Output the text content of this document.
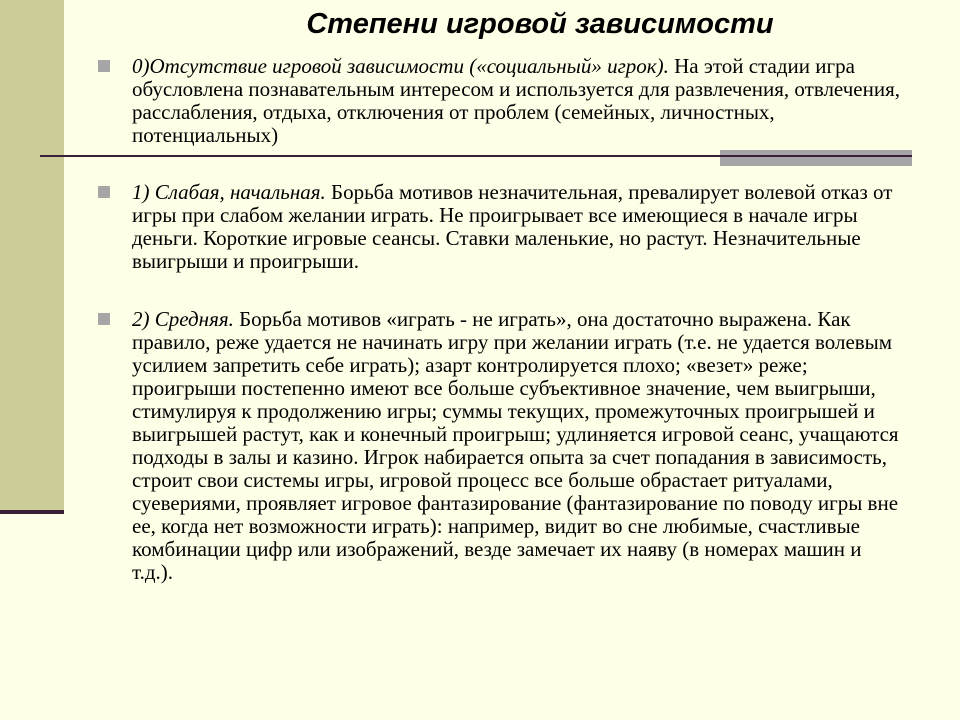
Степени игровой зависимости
0)Отсутствие игровой зависимости («социальный» игрок). На этой стадии игра обусловлена познавательным интересом и используется для развлечения, отвлечения, расслабления, отдыха, отключения от проблем (семейных, личностных, потенциальных)
1) Слабая, начальная. Борьба мотивов незначительная, превалирует волевой отказ от игры при слабом желании играть. Не проигрывает все имеющиеся в начале игры деньги. Короткие игровые сеансы. Ставки маленькие, но растут. Незначительные выигрыши и проигрыши.
2) Средняя. Борьба мотивов «играть - не играть», она достаточно выражена. Как правило, реже удается не начинать игру при желании играть (т.е. не удается волевым усилием запретить себе играть); азарт контролируется плохо; «везет» реже; проигрыши постепенно имеют все больше субъективное значение, чем выигрыши, стимулируя к продолжению игры; суммы текущих, промежуточных проигрышей и выигрышей растут, как и конечный проигрыш; удлиняется игровой сеанс, учащаются подходы в залы и казино. Игрок набирается опыта за счет попадания в зависимость, строит свои системы игры, игровой процесс все больше обрастает ритуалами, суевериями, проявляет игровое фантазирование (фантазирование по поводу игры вне ее, когда нет возможности играть): например, видит во сне любимые, счастливые комбинации цифр или изображений, везде замечает их наяву (в номерах машин и т.д.).
